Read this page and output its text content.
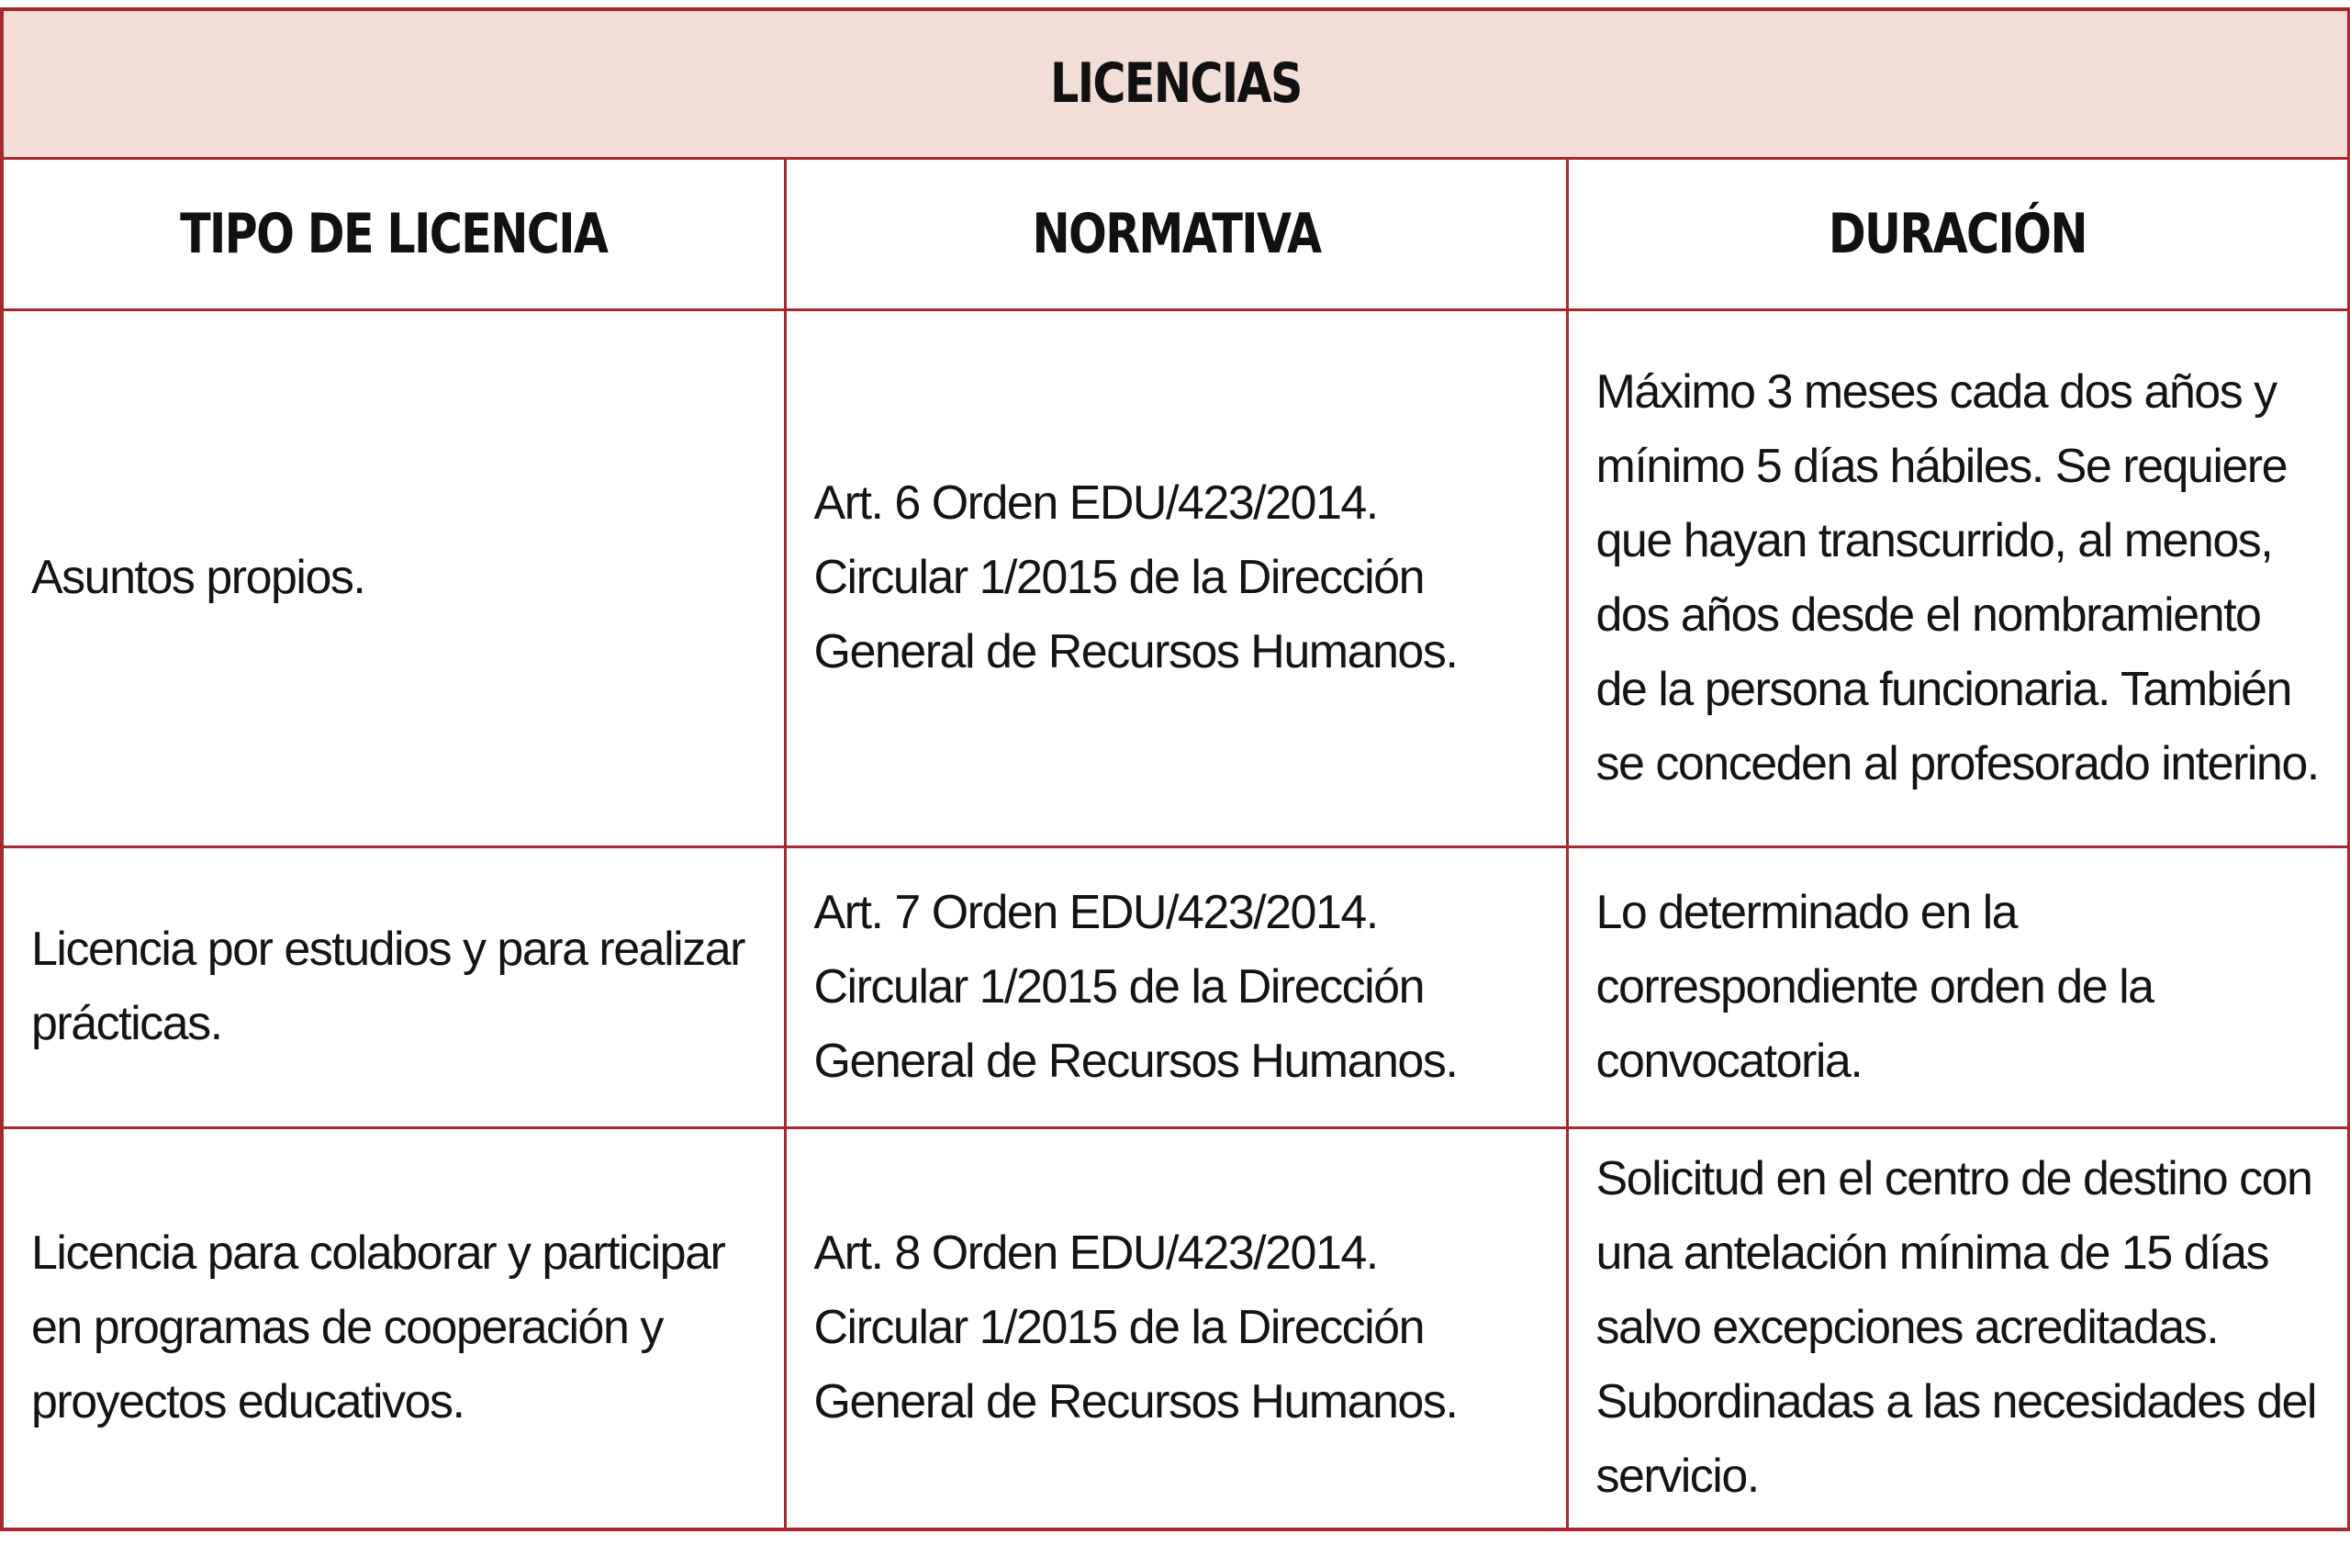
LICENCIAS		
TIPO DE LICENCIA	NORMATIVA	DURACIÓN

Asuntos propios.	Art. 6 Orden EDU/423/2014. Circular 1/2015 de la Dirección General de Recursos Humanos.	Máximo 3 meses cada dos años y mínimo 5 días hábiles. Se requiere que hayan transcurrido, al menos, dos años desde el nombramiento de la persona funcionaria. También se conceden al profesorado interino.

Licencia por estudios y para realizar prácticas.	Art. 7 Orden EDU/423/2014. Circular 1/2015 de la Dirección General de Recursos Humanos.	Lo determinado en la correspondiente orden de la convocatoria.

Licencia para colaborar y participar en programas de cooperación y proyectos educativos.	Art. 8 Orden EDU/423/2014. Circular 1/2015 de la Dirección General de Recursos Humanos.	Solicitud en el centro de destino con una antelación mínima de 15 días salvo excepciones acreditadas. Subordinadas a las necesidades del servicio.
